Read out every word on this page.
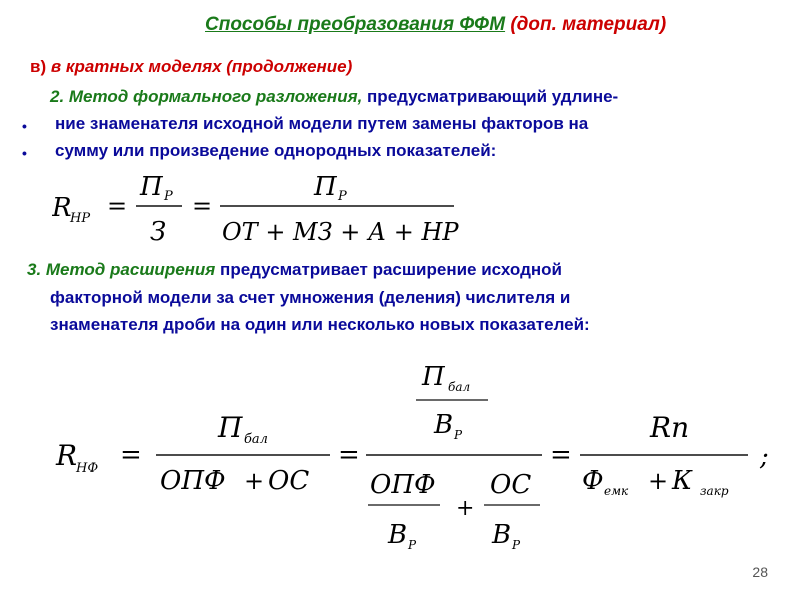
Способы преобразования ФФМ (доп. материал)
в) в кратных моделях (продолжение)
2. Метод формального разложения, предусматривающий удлине-
• ние знаменателя исходной модели путем замены факторов на
• сумму или произведение однородных показателей:
R
НР =
П Р
З
=
П Р
ОТ + МЗ + А + НР
3. Метод расширения предусматривает расширение исходной
факторной модели за счет умножения (деления) числителя и
знаменателя дроби на один или несколько новых показателей:
R
НФ =
П бал
ОПФ + ОС
=
П бал
В Р
ОПФ
В Р
+
ОС
В Р
=
Rп
Ф емк + К закр
;
28
